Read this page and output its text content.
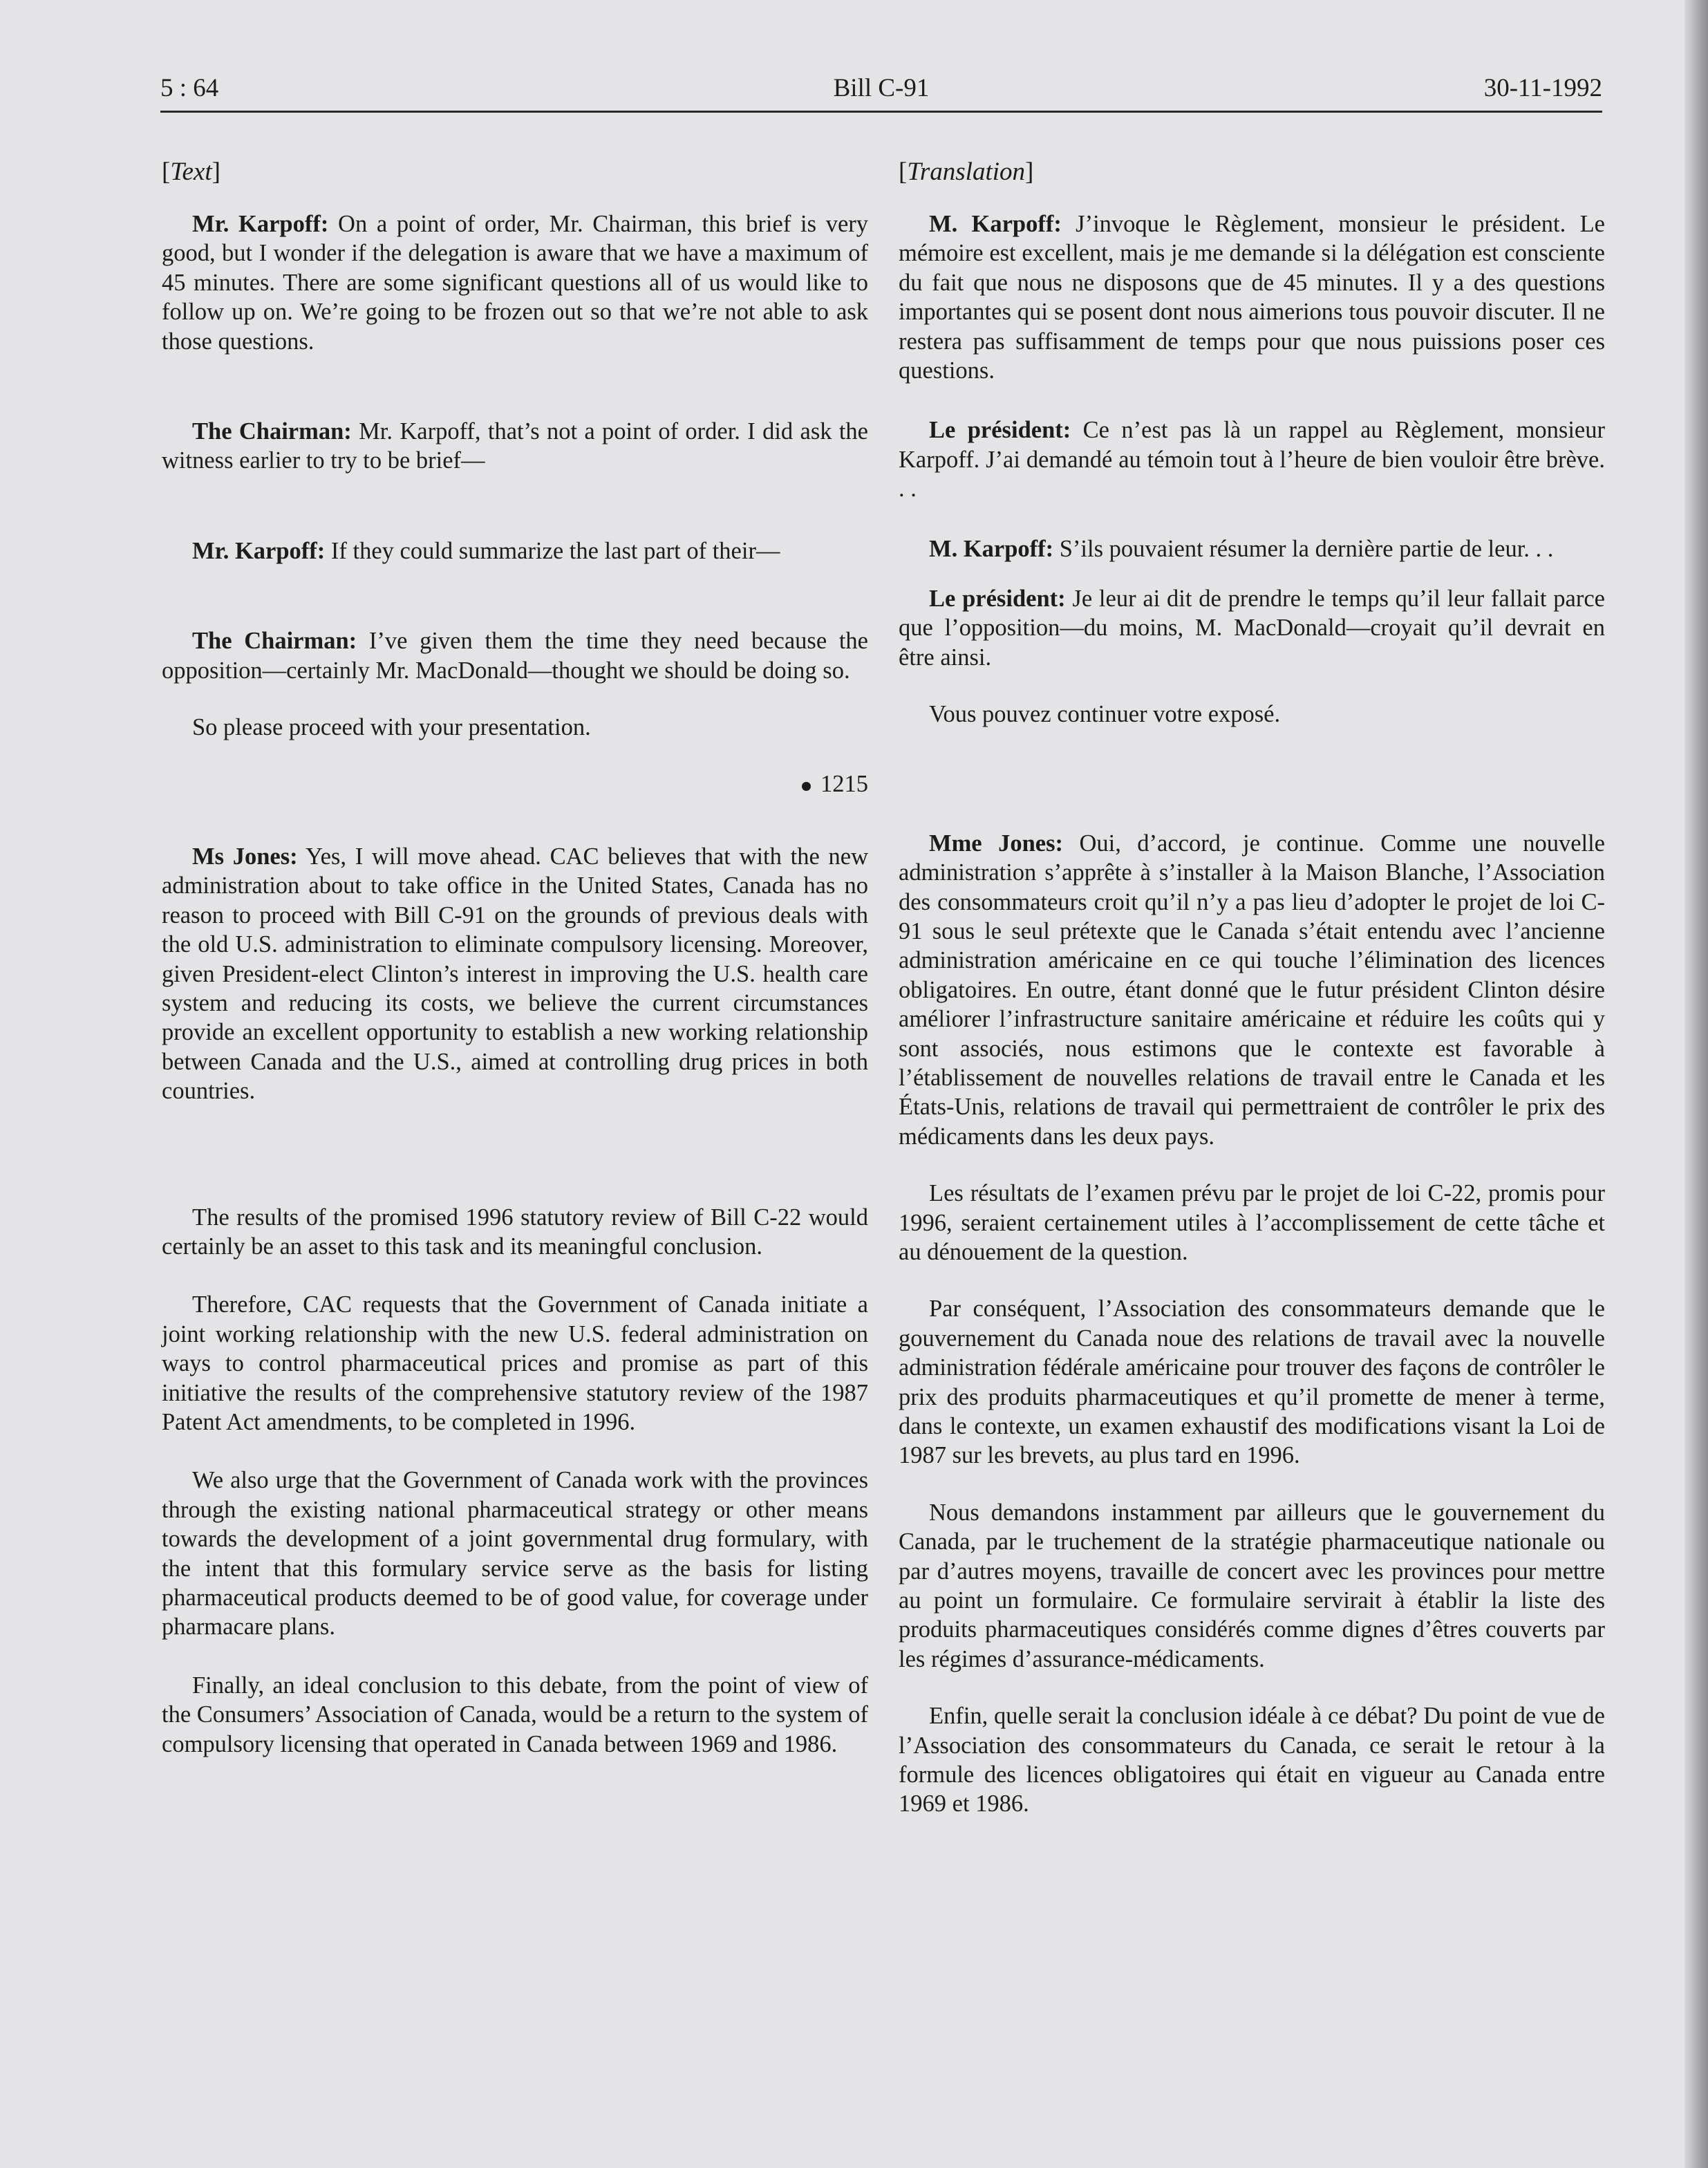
5 : 64	Bill C-91	30-11-1992
[Text]

Mr. Karpoff: On a point of order, Mr. Chairman, this brief is very good, but I wonder if the delegation is aware that we have a maximum of 45 minutes. There are some significant questions all of us would like to follow up on. We’re going to be frozen out so that we’re not able to ask those questions.

The Chairman: Mr. Karpoff, that’s not a point of order. I did ask the witness earlier to try to be brief—

Mr. Karpoff: If they could summarize the last part of their—

The Chairman: I’ve given them the time they need because the opposition—certainly Mr. MacDonald—thought we should be doing so.

So please proceed with your presentation.

1215

Ms Jones: Yes, I will move ahead. CAC believes that with the new administration about to take office in the United States, Canada has no reason to proceed with Bill C-91 on the grounds of previous deals with the old U.S. administration to eliminate compulsory licensing. Moreover, given President-elect Clinton’s interest in improving the U.S. health care system and reducing its costs, we believe the current circumstances provide an excellent opportunity to establish a new working relationship between Canada and the U.S., aimed at controlling drug prices in both countries.

The results of the promised 1996 statutory review of Bill C-22 would certainly be an asset to this task and its meaningful conclusion.

Therefore, CAC requests that the Government of Canada initiate a joint working relationship with the new U.S. federal administration on ways to control pharmaceutical prices and promise as part of this initiative the results of the comprehensive statutory review of the 1987 Patent Act amendments, to be completed in 1996.

We also urge that the Government of Canada work with the provinces through the existing national pharmaceutical strategy or other means towards the development of a joint governmental drug formulary, with the intent that this formulary service serve as the basis for listing pharmaceutical products deemed to be of good value, for coverage under pharmacare plans.

Finally, an ideal conclusion to this debate, from the point of view of the Consumers’ Association of Canada, would be a return to the system of compulsory licensing that operated in Canada between 1969 and 1986.

[Translation]

M. Karpoff: J’invoque le Règlement, monsieur le président. Le mémoire est excellent, mais je me demande si la délégation est consciente du fait que nous ne disposons que de 45 minutes. Il y a des questions importantes qui se posent dont nous aimerions tous pouvoir discuter. Il ne restera pas suffisamment de temps pour que nous puissions poser ces questions.

Le président: Ce n’est pas là un rappel au Règlement, monsieur Karpoff. J’ai demandé au témoin tout à l’heure de bien vouloir être brève. . .

M. Karpoff: S’ils pouvaient résumer la dernière partie de leur. . .

Le président: Je leur ai dit de prendre le temps qu’il leur fallait parce que l’opposition—du moins, M. MacDonald—croyait qu’il devrait en être ainsi.

Vous pouvez continuer votre exposé.

Mme Jones: Oui, d’accord, je continue. Comme une nouvelle administration s’apprête à s’installer à la Maison Blanche, l’Association des consommateurs croit qu’il n’y a pas lieu d’adopter le projet de loi C-91 sous le seul prétexte que le Canada s’était entendu avec l’ancienne administration américaine en ce qui touche l’élimination des licences obligatoires. En outre, étant donné que le futur président Clinton désire améliorer l’infrastructure sanitaire américaine et réduire les coûts qui y sont associés, nous estimons que le contexte est favorable à l’établissement de nouvelles relations de travail entre le Canada et les États-Unis, relations de travail qui permettraient de contrôler le prix des médicaments dans les deux pays.

Les résultats de l’examen prévu par le projet de loi C-22, promis pour 1996, seraient certainement utiles à l’accomplissement de cette tâche et au dénouement de la question.

Par conséquent, l’Association des consommateurs demande que le gouvernement du Canada noue des relations de travail avec la nouvelle administration fédérale américaine pour trouver des façons de contrôler le prix des produits pharmaceutiques et qu’il promette de mener à terme, dans le contexte, un examen exhaustif des modifications visant la Loi de 1987 sur les brevets, au plus tard en 1996.

Nous demandons instamment par ailleurs que le gouvernement du Canada, par le truchement de la stratégie pharmaceutique nationale ou par d’autres moyens, travaille de concert avec les provinces pour mettre au point un formulaire. Ce formulaire servirait à établir la liste des produits pharmaceutiques considérés comme dignes d’êtres couverts par les régimes d’assurance-médicaments.

Enfin, quelle serait la conclusion idéale à ce débat? Du point de vue de l’Association des consommateurs du Canada, ce serait le retour à la formule des licences obligatoires qui était en vigueur au Canada entre 1969 et 1986.
